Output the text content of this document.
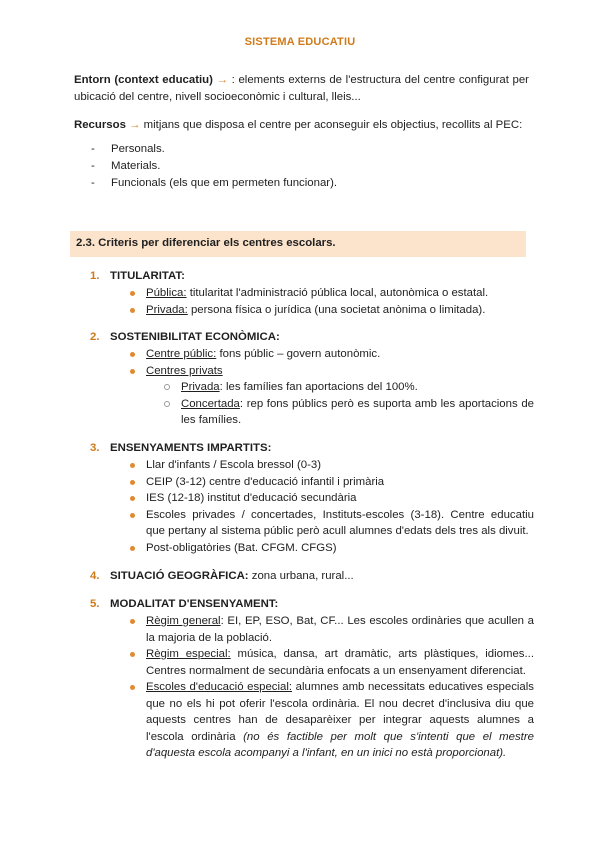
SISTEMA EDUCATIU
Entorn (context educatiu) → : elements externs de l'estructura del centre configurat per ubicació del centre, nivell socioeconòmic i cultural, lleis...
Recursos → mitjans que disposa el centre per aconseguir els objectius, recollits al PEC:
- Personals.
- Materials.
- Funcionals (els que em permeten funcionar).
2.3. Criteris per diferenciar els centres escolars.
1. TITULARITAT:
Pública: titularitat l'administració pública local, autonòmica o estatal.
Privada: persona física o jurídica (una societat anònima o limitada).
2. SOSTENIBILITAT ECONÒMICA:
Centre públic: fons públic – govern autonòmic.
Centres privats
Privada: les famílies fan aportacions del 100%.
Concertada: rep fons públics però es suporta amb les aportacions de les famílies.
3. ENSENYAMENTS IMPARTITS:
Llar d'infants / Escola bressol (0-3)
CEIP (3-12) centre d'educació infantil i primària
IES (12-18) institut d'educació secundària
Escoles privades / concertades, Instituts-escoles (3-18). Centre educatiu que pertany al sistema públic però acull alumnes d'edats dels tres als divuit.
Post-obligatòries (Bat. CFGM. CFGS)
4. SITUACIÓ GEOGRÀFICA: zona urbana, rural...
5. MODALITAT D'ENSENYAMENT:
Règim general: EI, EP, ESO, Bat, CF... Les escoles ordinàries que acullen a la majoria de la població.
Règim especial: música, dansa, art dramàtic, arts plàstiques, idiomes... Centres normalment de secundària enfocats a un ensenyament diferenciat.
Escoles d'educació especial: alumnes amb necessitats educatives especials que no els hi pot oferir l'escola ordinària. El nou decret d'inclusiva diu que aquests centres han de desaparèixer per integrar aquests alumnes a l'escola ordinària (no és factible per molt que s'intenti que el mestre d'aquesta escola acompanyi a l'infant, en un inici no està proporcionat).
